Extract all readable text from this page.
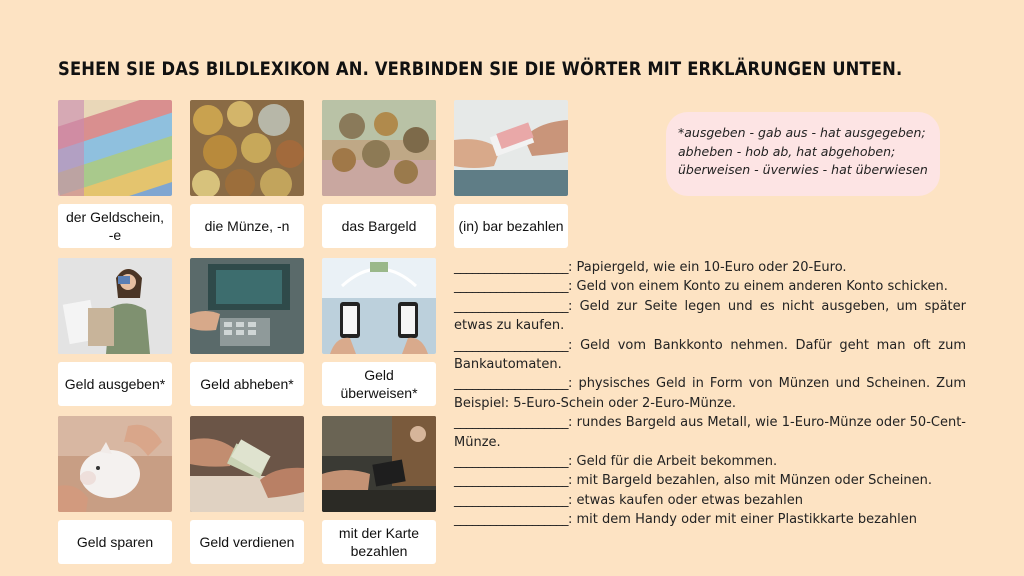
SEHEN SIE DAS BILDLEXIKON AN. VERBINDEN SIE DIE WÖRTER MIT ERKLÄRUNGEN UNTEN.
der Geldschein,
-e
die Münze, -n	das Bargeld	(in) bar bezahlen
Geld ausgeben*	Geld abheben*
Geld
überweisen*
Geld sparen	Geld verdienen
mit der Karte
bezahlen
*ausgeben - gab aus - hat ausgegeben;
abheben - hob ab, hat abgehoben;
überweisen - üverwies - hat überwiesen

___________________: Papiergeld, wie ein 10-Euro oder 20-Euro.

___________________: Geld von einem Konto zu einem anderen Konto schicken.

___________________: Geld zur Seite legen und es nicht ausgeben, um später etwas zu kaufen.

___________________: Geld vom Bankkonto nehmen. Dafür geht man oft zum Bankautomaten.

___________________: physisches Geld in Form von Münzen und Scheinen. Zum Beispiel: 5-Euro-Schein oder 2-Euro-Münze.

___________________: rundes Bargeld aus Metall, wie 1-Euro-Münze oder 50-Cent-Münze.

___________________: Geld für die Arbeit bekommen.

___________________: mit Bargeld bezahlen, also mit Münzen oder Scheinen.

___________________: etwas kaufen oder etwas bezahlen

___________________: mit dem Handy oder mit einer Plastikkarte bezahlen
